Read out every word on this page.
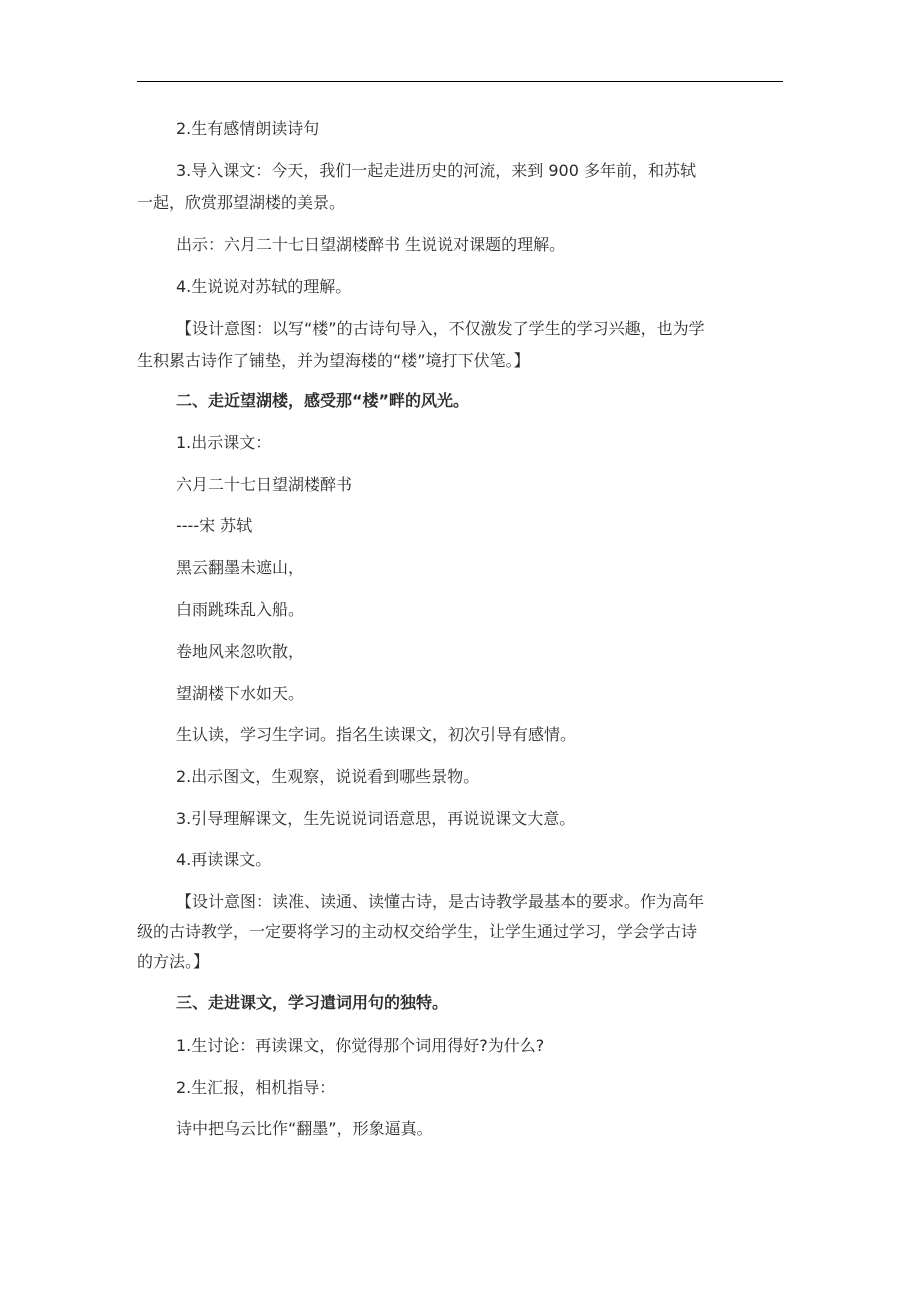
2.生有感情朗读诗句

3.导入课文：今天，我们一起走进历史的河流，来到 900 多年前，和苏轼

一起，欣赏那望湖楼的美景。

出示：六月二十七日望湖楼醉书 生说说对课题的理解。

4.生说说对苏轼的理解。

【设计意图：以写“楼”的古诗句导入，不仅激发了学生的学习兴趣，也为学

生积累古诗作了铺垫，并为望海楼的“楼”境打下伏笔。】

二、走近望湖楼，感受那“楼”畔的风光。

1.出示课文：

六月二十七日望湖楼醉书

----宋 苏轼

黑云翻墨未遮山，

白雨跳珠乱入船。

卷地风来忽吹散，

望湖楼下水如天。

生认读，学习生字词。指名生读课文，初次引导有感情。

2.出示图文，生观察，说说看到哪些景物。

3.引导理解课文，生先说说词语意思，再说说课文大意。

4.再读课文。

【设计意图：读准、读通、读懂古诗，是古诗教学最基本的要求。作为高年

级的古诗教学，一定要将学习的主动权交给学生，让学生通过学习，学会学古诗

的方法。】

三、走进课文，学习遣词用句的独特。

1.生讨论：再读课文，你觉得那个词用得好?为什么?

2.生汇报，相机指导：

诗中把乌云比作“翻墨”，形象逼真。
